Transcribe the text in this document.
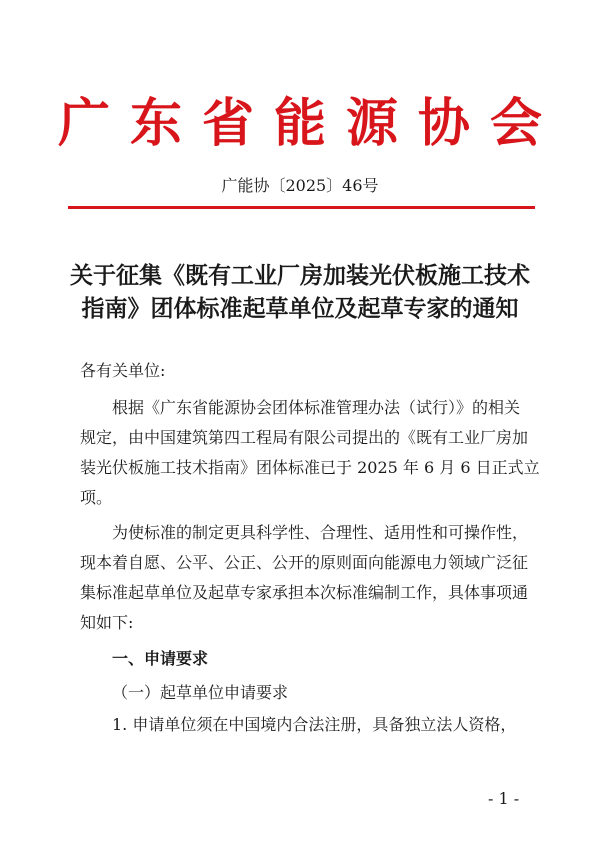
广东省能源协会
广能协〔2025〕46号
关于征集《既有工业厂房加装光伏板施工技术
指南》团体标准起草单位及起草专家的通知
各有关单位:
根据《广东省能源协会团体标准管理办法（试行）》的相关
规定，由中国建筑第四工程局有限公司提出的《既有工业厂房加
装光伏板施工技术指南》团体标准已于 2025 年 6 月 6 日正式立
项。
为使标准的制定更具科学性、合理性、适用性和可操作性，
现本着自愿、公平、公正、公开的原则面向能源电力领域广泛征
集标准起草单位及起草专家承担本次标准编制工作，具体事项通
知如下:
一、申请要求
（一）起草单位申请要求
1. 申请单位须在中国境内合法注册，具备独立法人资格，
- 1 -
